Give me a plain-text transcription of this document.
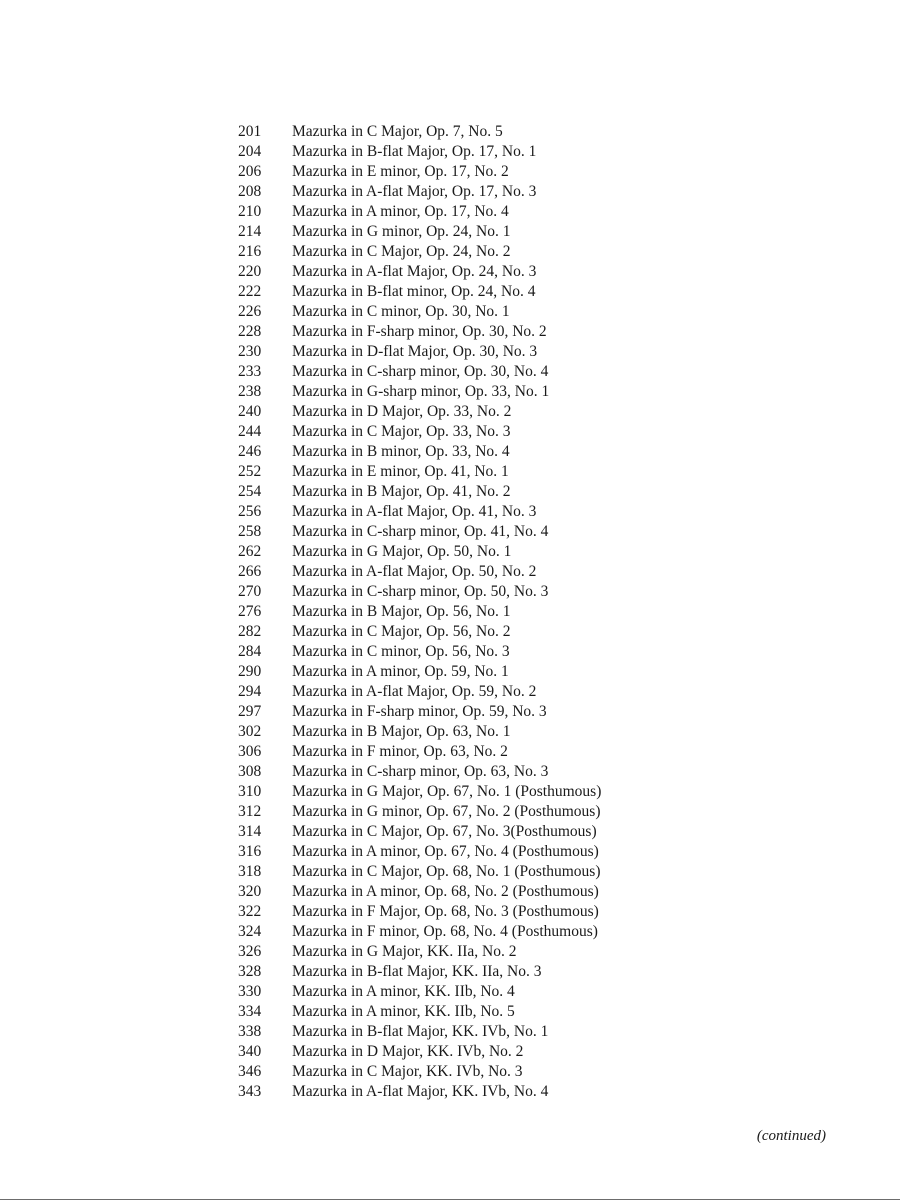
201	Mazurka in C Major, Op. 7, No. 5
204	Mazurka in B-flat Major, Op. 17, No. 1
206	Mazurka in E minor, Op. 17, No. 2
208	Mazurka in A-flat Major, Op. 17, No. 3
210	Mazurka in A minor, Op. 17, No. 4
214	Mazurka in G minor, Op. 24, No. 1
216	Mazurka in C Major, Op. 24, No. 2
220	Mazurka in A-flat Major, Op. 24, No. 3
222	Mazurka in B-flat minor, Op. 24, No. 4
226	Mazurka in C minor, Op. 30, No. 1
228	Mazurka in F-sharp minor, Op. 30, No. 2
230	Mazurka in D-flat Major, Op. 30, No. 3
233	Mazurka in C-sharp minor, Op. 30, No. 4
238	Mazurka in G-sharp minor, Op. 33, No. 1
240	Mazurka in D Major, Op. 33, No. 2
244	Mazurka in C Major, Op. 33, No. 3
246	Mazurka in B minor, Op. 33, No. 4
252	Mazurka in E minor, Op. 41, No. 1
254	Mazurka in B Major, Op. 41, No. 2
256	Mazurka in A-flat Major, Op. 41, No. 3
258	Mazurka in C-sharp minor, Op. 41, No. 4
262	Mazurka in G Major, Op. 50, No. 1
266	Mazurka in A-flat Major, Op. 50, No. 2
270	Mazurka in C-sharp minor, Op. 50, No. 3
276	Mazurka in B Major, Op. 56, No. 1
282	Mazurka in C Major, Op. 56, No. 2
284	Mazurka in C minor, Op. 56, No. 3
290	Mazurka in A minor, Op. 59, No. 1
294	Mazurka in A-flat Major, Op. 59, No. 2
297	Mazurka in F-sharp minor, Op. 59, No. 3
302	Mazurka in B Major, Op. 63, No. 1
306	Mazurka in F minor, Op. 63, No. 2
308	Mazurka in C-sharp minor, Op. 63, No. 3
310	Mazurka in G Major, Op. 67, No. 1 (Posthumous)
312	Mazurka in G minor, Op. 67, No. 2 (Posthumous)
314	Mazurka in C Major, Op. 67, No. 3(Posthumous)
316	Mazurka in A minor, Op. 67, No. 4 (Posthumous)
318	Mazurka in C Major, Op. 68, No. 1 (Posthumous)
320	Mazurka in A minor, Op. 68, No. 2 (Posthumous)
322	Mazurka in F Major, Op. 68, No. 3 (Posthumous)
324	Mazurka in F minor, Op. 68, No. 4 (Posthumous)
326	Mazurka in G Major, KK. IIa, No. 2
328	Mazurka in B-flat Major, KK. IIa, No. 3
330	Mazurka in A minor, KK. IIb, No. 4
334	Mazurka in A minor, KK. IIb, No. 5
338	Mazurka in B-flat Major, KK. IVb, No. 1
340	Mazurka in D Major, KK. IVb, No. 2
346	Mazurka in C Major, KK. IVb, No. 3
343	Mazurka in A-flat Major, KK. IVb, No. 4
(continued)
